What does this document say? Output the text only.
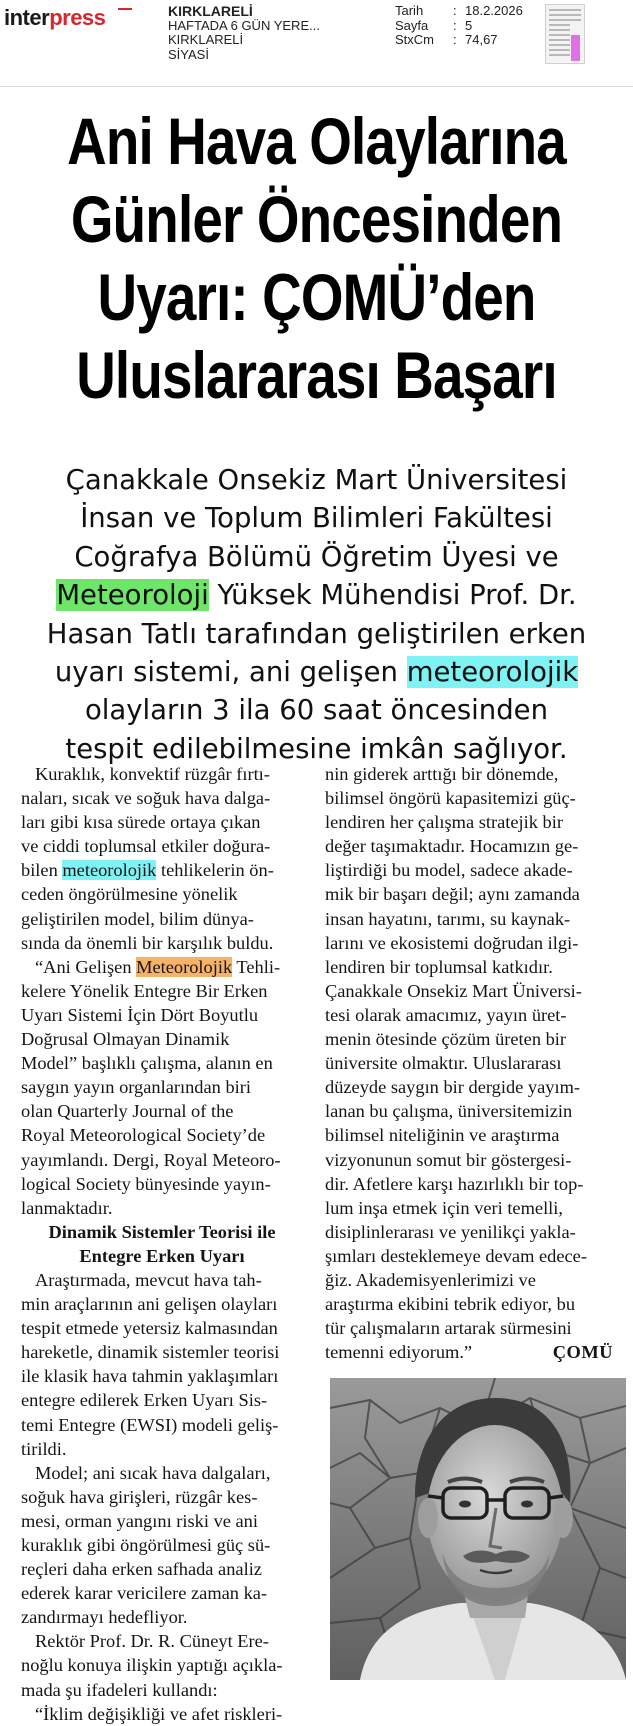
interpress	KIRKLARELİ
HAFTADA 6 GÜN YERE...
KIRKLARELİ
SİYASİ
Tarih : 18.2.2026
Sayfa : 5
StxCm : 74,67
Ani Hava Olaylarına
Günler Öncesinden
Uyarı: ÇOMÜ’den
Uluslararası Başarı
Çanakkale Onsekiz Mart Üniversitesi
İnsan ve Toplum Bilimleri Fakültesi
Coğrafya Bölümü Öğretim Üyesi ve
Meteoroloji Yüksek Mühendisi Prof. Dr.
Hasan Tatlı tarafından geliştirilen erken
uyarı sistemi, ani gelişen meteorolojik
olayların 3 ila 60 saat öncesinden
tespit edilebilmesine imkân sağlıyor.
Kuraklık, konvektif rüzgâr fırtı-
naları, sıcak ve soğuk hava dalga-
ları gibi kısa sürede ortaya çıkan
ve ciddi toplumsal etkiler doğura-
bilen meteorolojik tehlikelerin ön-
ceden öngörülmesine yönelik
geliştirilen model, bilim dünya-
sında da önemli bir karşılık buldu.
“Ani Gelişen Meteorolojik Tehli-
kelere Yönelik Entegre Bir Erken
Uyarı Sistemi İçin Dört Boyutlu
Doğrusal Olmayan Dinamik
Model” başlıklı çalışma, alanın en
saygın yayın organlarından biri
olan Quarterly Journal of the
Royal Meteorological Society’de
yayımlandı. Dergi, Royal Meteoro-
logical Society bünyesinde yayın-
lanmaktadır.
Dinamik Sistemler Teorisi ile
Entegre Erken Uyarı
Araştırmada, mevcut hava tah-
min araçlarının ani gelişen olayları
tespit etmede yetersiz kalmasından
hareketle, dinamik sistemler teorisi
ile klasik hava tahmin yaklaşımları
entegre edilerek Erken Uyarı Sis-
temi Entegre (EWSI) modeli geliş-
tirildi.
Model; ani sıcak hava dalgaları,
soğuk hava girişleri, rüzgâr kes-
mesi, orman yangını riski ve ani
kuraklık gibi öngörülmesi güç sü-
reçleri daha erken safhada analiz
ederek karar vericilere zaman ka-
zandırmayı hedefliyor.
Rektör Prof. Dr. R. Cüneyt Ere-
noğlu konuya ilişkin yaptığı açıkla-
mada şu ifadeleri kullandı:
“İklim değişikliği ve afet riskleri-
nin giderek arttığı bir dönemde,
bilimsel öngörü kapasitemizi güç-
lendiren her çalışma stratejik bir
değer taşımaktadır. Hocamızın ge-
liştirdiği bu model, sadece akade-
mik bir başarı değil; aynı zamanda
insan hayatını, tarımı, su kaynak-
larını ve ekosistemi doğrudan ilgi-
lendiren bir toplumsal katkıdır.
Çanakkale Onsekiz Mart Üniversi-
tesi olarak amacımız, yayın üret-
menin ötesinde çözüm üreten bir
üniversite olmaktır. Uluslararası
düzeyde saygın bir dergide yayım-
lanan bu çalışma, üniversitemizin
bilimsel niteliğinin ve araştırma
vizyonunun somut bir göstergesi-
dir. Afetlere karşı hazırlıklı bir top-
lum inşa etmek için veri temelli,
disiplinlerarası ve yenilikçi yakla-
şımları desteklemeye devam edece-
ğiz. Akademisyenlerimizi ve
araştırma ekibini tebrik ediyor, bu
tür çalışmaların artarak sürmesini
temenni ediyorum.”	ÇOMÜ
